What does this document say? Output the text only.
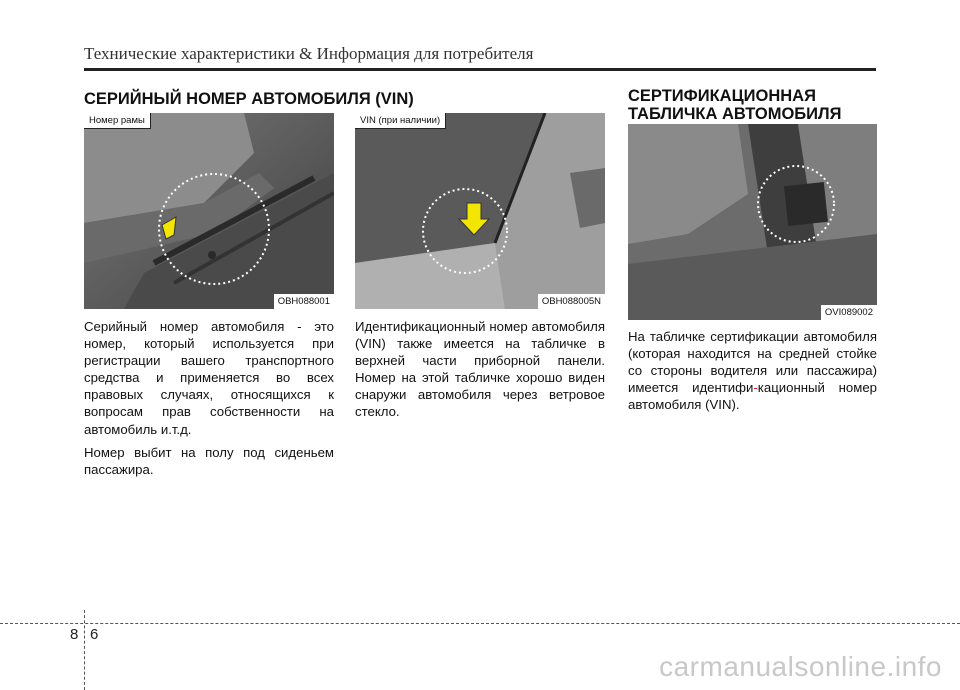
Технические характеристики & Информация для потребителя
СЕРИЙНЫЙ НОМЕР АВТОМОБИЛЯ (VIN)	СЕРТИФИКАЦИОННАЯ
ТАБЛИЧКА АВТОМОБИЛЯ
Номер рамы
OBH088001
VIN (при наличии)
OBH088005N
OVI089002

Серийный номер автомобиля - это номер, который используется при регистрации вашего транспортного средства и применяется во всех правовых случаях, относящихся к вопросам прав собственности на автомобиль и.т.д.

Номер выбит на полу под сиденьем пассажира.

Идентификационный номер автомобиля (VIN) также имеется на табличке в верхней части приборной панели. Номер на этой табличке хорошо виден снаружи автомобиля через ветровое стекло.

На табличке сертификации автомобиля (которая находится на средней стойке со стороны водителя или пассажира) имеется идентифи-кационный номер автомобиля (VIN).

8 6
carmanualsonline.info
